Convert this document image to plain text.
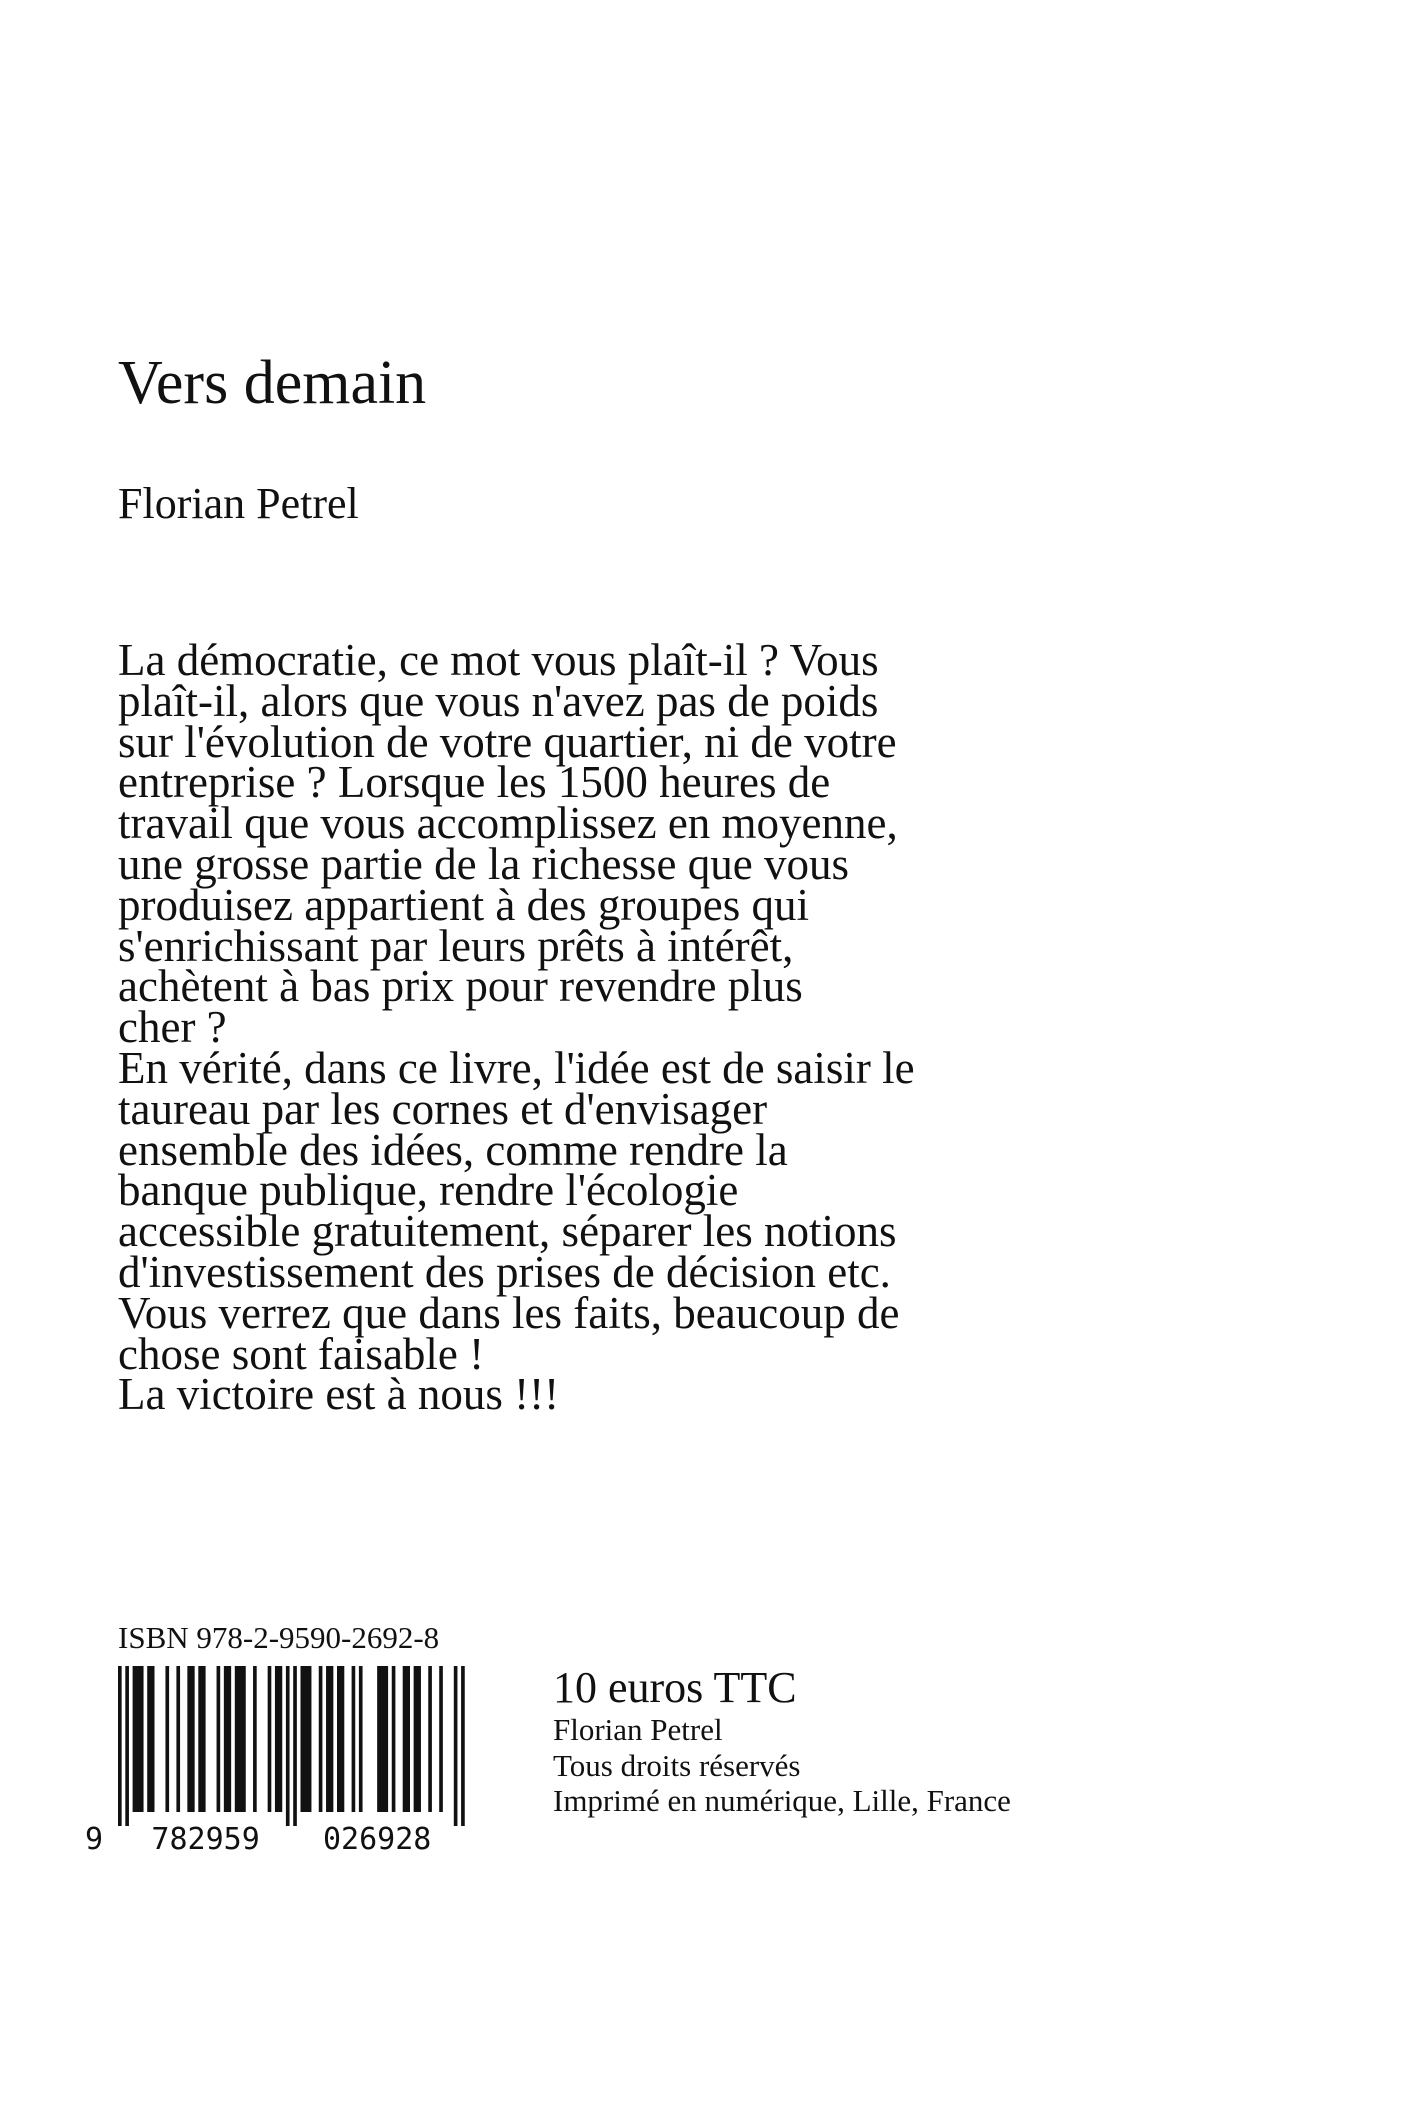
Vers demain
Florian Petrel
La démocratie, ce mot vous plaît-il ? Vous
plaît-il, alors que vous n'avez pas de poids
sur l'évolution de votre quartier, ni de votre
entreprise ? Lorsque les 1500 heures de
travail que vous accomplissez en moyenne,
une grosse partie de la richesse que vous
produisez appartient à des groupes qui
s'enrichissant par leurs prêts à intérêt,
achètent à bas prix pour revendre plus
cher ?
En vérité, dans ce livre, l'idée est de saisir le
taureau par les cornes et d'envisager
ensemble des idées, comme rendre la
banque publique, rendre l'écologie
accessible gratuitement, séparer les notions
d'investissement des prises de décision etc.
Vous verrez que dans les faits, beaucoup de
chose sont faisable !
La victoire est à nous !!!
ISBN 978-2-9590-2692-8
9 782959 026928
10 euros TTC
Florian Petrel
Tous droits réservés
Imprimé en numérique, Lille, France
